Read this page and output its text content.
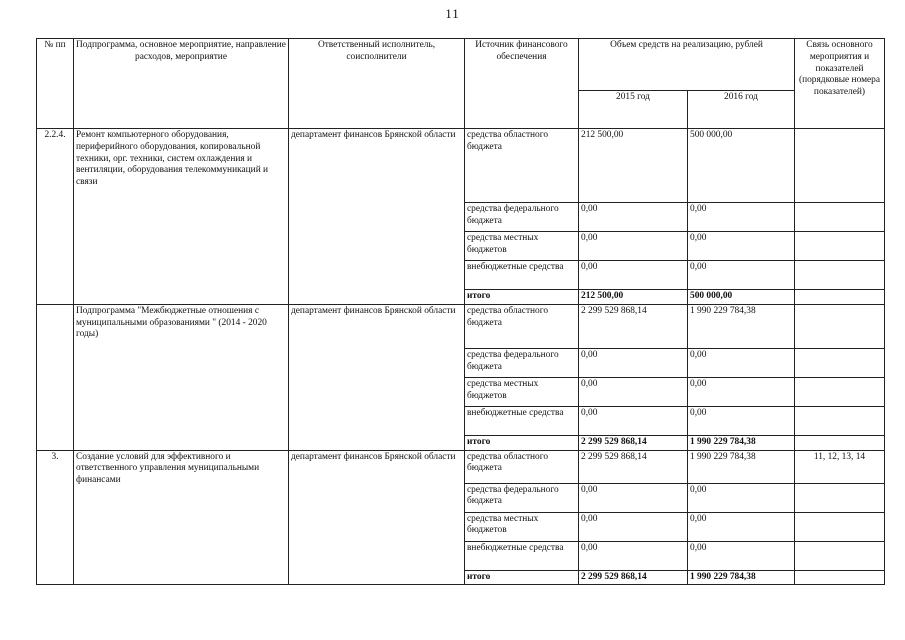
11
№ пп	Подпрограмма, основное мероприятие, направление расходов, мероприятие	Ответственный исполнитель, соисполнители	Источник финансового обеспечения	Объем средств на реализацию, рублей		Связь основного мероприятия и показателей (порядковые номера показателей)
				2015 год	2016 год	
2.2.4.	Ремонт компьютерного оборудования, периферийного оборудования, копировальной техники, орг. техники, систем охлаждения и вентиляции, оборудования телекоммуникаций и связи	департамент финансов Брянской области	средства областного бюджета	212 500,00	500 000,00	
			средства федерального бюджета	0,00	0,00	
			средства местных бюджетов	0,00	0,00	
			внебюджетные средства	0,00	0,00	
			итого	212 500,00	500 000,00	
	Подпрограмма "Межбюджетные отношения с муниципальными образованиями " (2014 - 2020 годы)	департамент финансов Брянской области	средства областного бюджета	2 299 529 868,14	1 990 229 784,38	
			средства федерального бюджета	0,00	0,00	
			средства местных бюджетов	0,00	0,00	
			внебюджетные средства	0,00	0,00	
			итого	2 299 529 868,14	1 990 229 784,38	
3.	Создание условий для эффективного и ответственного управления муниципальными финансами	департамент финансов Брянской области	средства областного бюджета	2 299 529 868,14	1 990 229 784,38	11, 12, 13, 14
			средства федерального бюджета	0,00	0,00	
			средства местных бюджетов	0,00	0,00	
			внебюджетные средства	0,00	0,00	
			итого	2 299 529 868,14	1 990 229 784,38	
